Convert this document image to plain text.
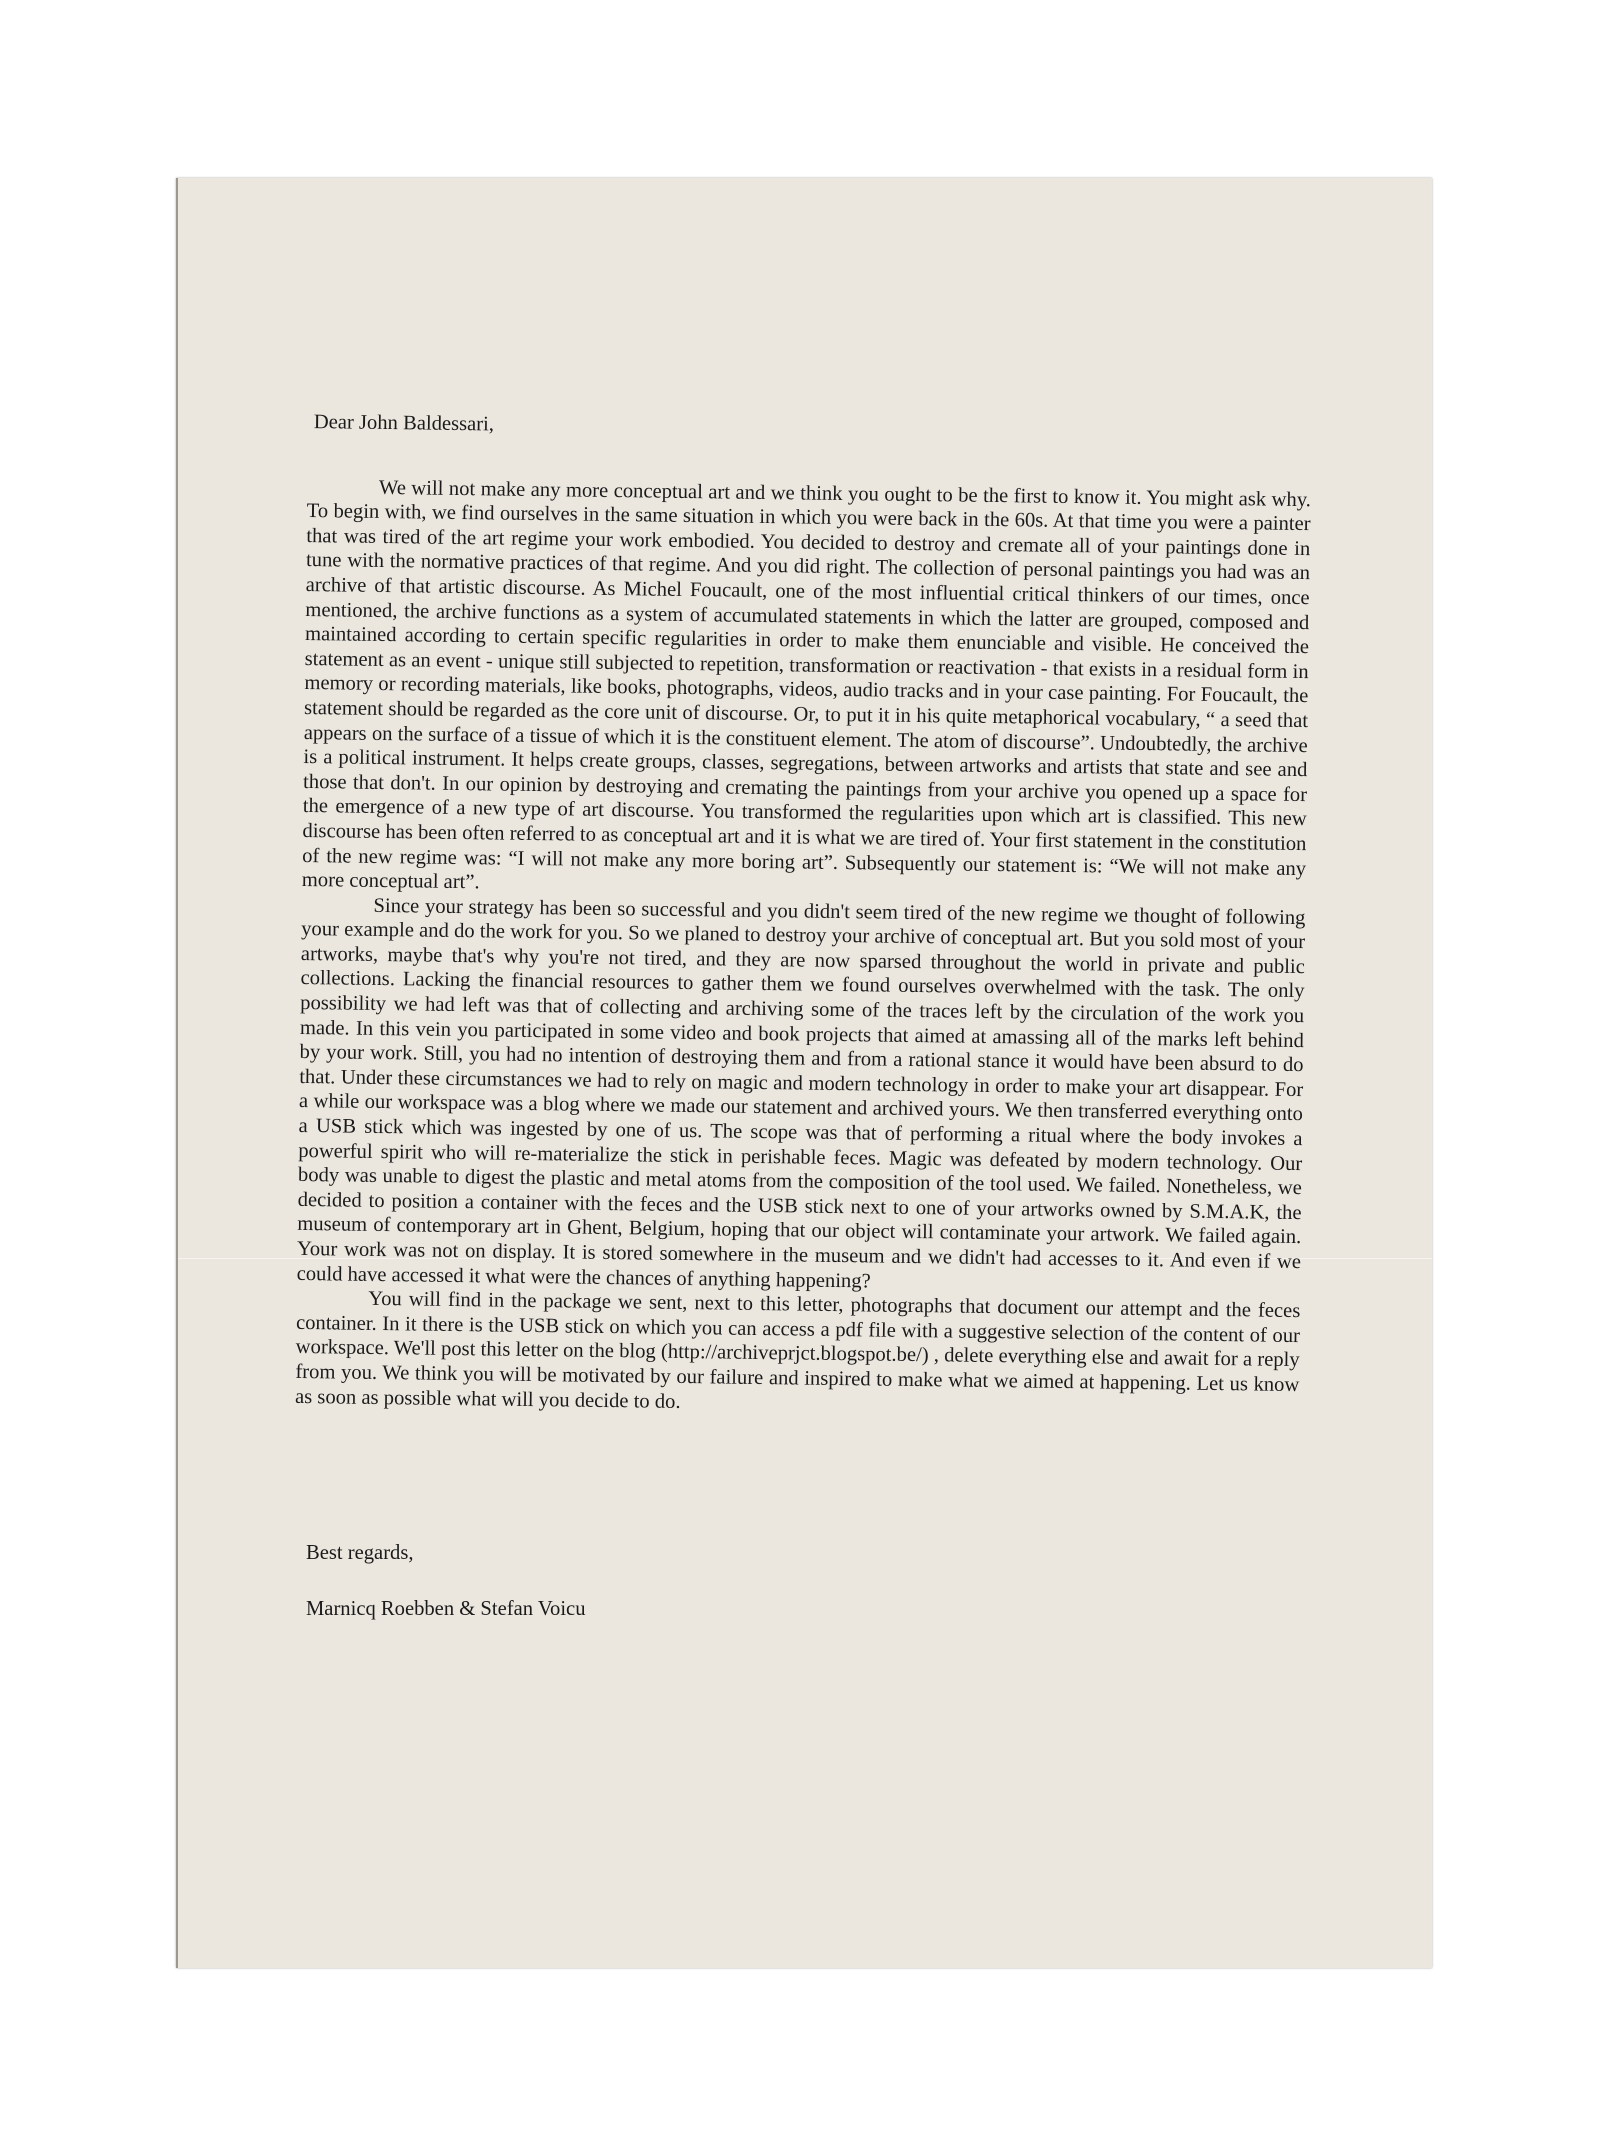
Dear John Baldessari,

We will not make any more conceptual art and we think you ought to be the first to know it. You might ask why. To begin with, we find ourselves in the same situation in which you were back in the 60s. At that time you were a painter that was tired of the art regime your work embodied. You decided to destroy and cremate all of your paintings done in tune with the normative practices of that regime. And you did right. The collection of personal paintings you had was an archive of that artistic discourse. As Michel Foucault, one of the most influential critical thinkers of our times, once mentioned, the archive functions as a system of accumulated statements in which the latter are grouped, composed and maintained according to certain specific regularities in order to make them enunciable and visible. He conceived the statement as an event - unique still subjected to repetition, transformation or reactivation - that exists in a residual form in memory or recording materials, like books, photographs, videos, audio tracks and in your case painting. For Foucault, the statement should be regarded as the core unit of discourse. Or, to put it in his quite metaphorical vocabulary, “ a seed that appears on the surface of a tissue of which it is the constituent element. The atom of discourse”. Undoubtedly, the archive is a political instrument. It helps create groups, classes, segregations, between artworks and artists that state and see and those that don't. In our opinion by destroying and cremating the paintings from your archive you opened up a space for the emergence of a new type of art discourse. You transformed the regularities upon which art is classified. This new discourse has been often referred to as conceptual art and it is what we are tired of. Your first statement in the constitution of the new regime was: “I will not make any more boring art”. Subsequently our statement is: “We will not make any more conceptual art”.

Since your strategy has been so successful and you didn't seem tired of the new regime we thought of following your example and do the work for you. So we planed to destroy your archive of conceptual art. But you sold most of your artworks, maybe that's why you're not tired, and they are now sparsed throughout the world in private and public collections. Lacking the financial resources to gather them we found ourselves overwhelmed with the task. The only possibility we had left was that of collecting and archiving some of the traces left by the circulation of the work you made. In this vein you participated in some video and book projects that aimed at amassing all of the marks left behind by your work. Still, you had no intention of destroying them and from a rational stance it would have been absurd to do that. Under these circumstances we had to rely on magic and modern technology in order to make your art disappear. For a while our workspace was a blog where we made our statement and archived yours. We then transferred everything onto a USB stick which was ingested by one of us. The scope was that of performing a ritual where the body invokes a powerful spirit who will re-materialize the stick in perishable feces. Magic was defeated by modern technology. Our body was unable to digest the plastic and metal atoms from the composition of the tool used. We failed. Nonetheless, we decided to position a container with the feces and the USB stick next to one of your artworks owned by S.M.A.K, the museum of contemporary art in Ghent, Belgium, hoping that our object will contaminate your artwork. We failed again. Your work was not on display. It is stored somewhere in the museum and we didn't had accesses to it. And even if we could have accessed it what were the chances of anything happening?

You will find in the package we sent, next to this letter, photographs that document our attempt and the feces container. In it there is the USB stick on which you can access a pdf file with a suggestive selection of the content of our workspace. We'll post this letter on the blog (http://archiveprjct.blogspot.be/) , delete everything else and await for a reply from you. We think you will be motivated by our failure and inspired to make what we aimed at happening. Let us know as soon as possible what will you decide to do.

Best regards,

Marnicq Roebben & Stefan Voicu
